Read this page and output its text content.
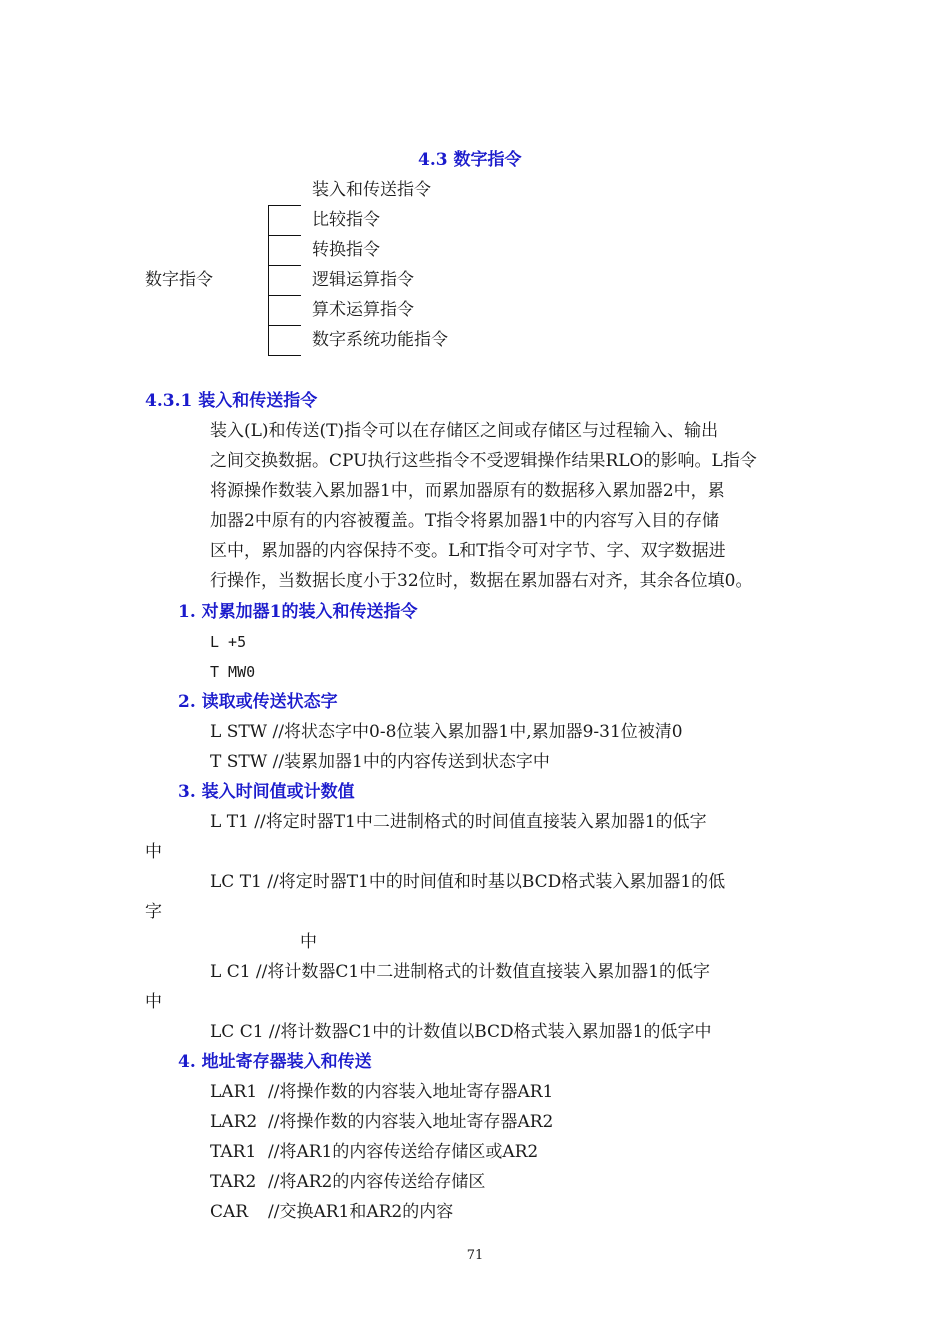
4.3 数字指令
数字指令
装入和传送指令
比较指令
转换指令
逻辑运算指令
算术运算指令
数字系统功能指令
4.3.1 装入和传送指令
装入(L)和传送(T)指令可以在存储区之间或存储区与过程输入、输出
之间交换数据。CPU执行这些指令不受逻辑操作结果RLO的影响。L指令
将源操作数装入累加器1中，而累加器原有的数据移入累加器2中，累
加器2中原有的内容被覆盖。T指令将累加器1中的内容写入目的存储
区中，累加器的内容保持不变。L和T指令可对字节、字、双字数据进
行操作，当数据长度小于32位时，数据在累加器右对齐，其余各位填0。
1. 对累加器1的装入和传送指令
L +5
T MW0
2. 读取或传送状态字
L STW //将状态字中0-8位装入累加器1中,累加器9-31位被清0
T STW //装累加器1中的内容传送到状态字中
3. 装入时间值或计数值
L T1 //将定时器T1中二进制格式的时间值直接装入累加器1的低字
中
LC T1 //将定时器T1中的时间值和时基以BCD格式装入累加器1的低
字
中
L C1 //将计数器C1中二进制格式的计数值直接装入累加器1的低字
中
LC C1 //将计数器C1中的计数值以BCD格式装入累加器1的低字中
4. 地址寄存器装入和传送
LAR1 //将操作数的内容装入地址寄存器AR1
LAR2 //将操作数的内容装入地址寄存器AR2
TAR1 //将AR1的内容传送给存储区或AR2
TAR2 //将AR2的内容传送给存储区
CAR //交换AR1和AR2的内容
71
